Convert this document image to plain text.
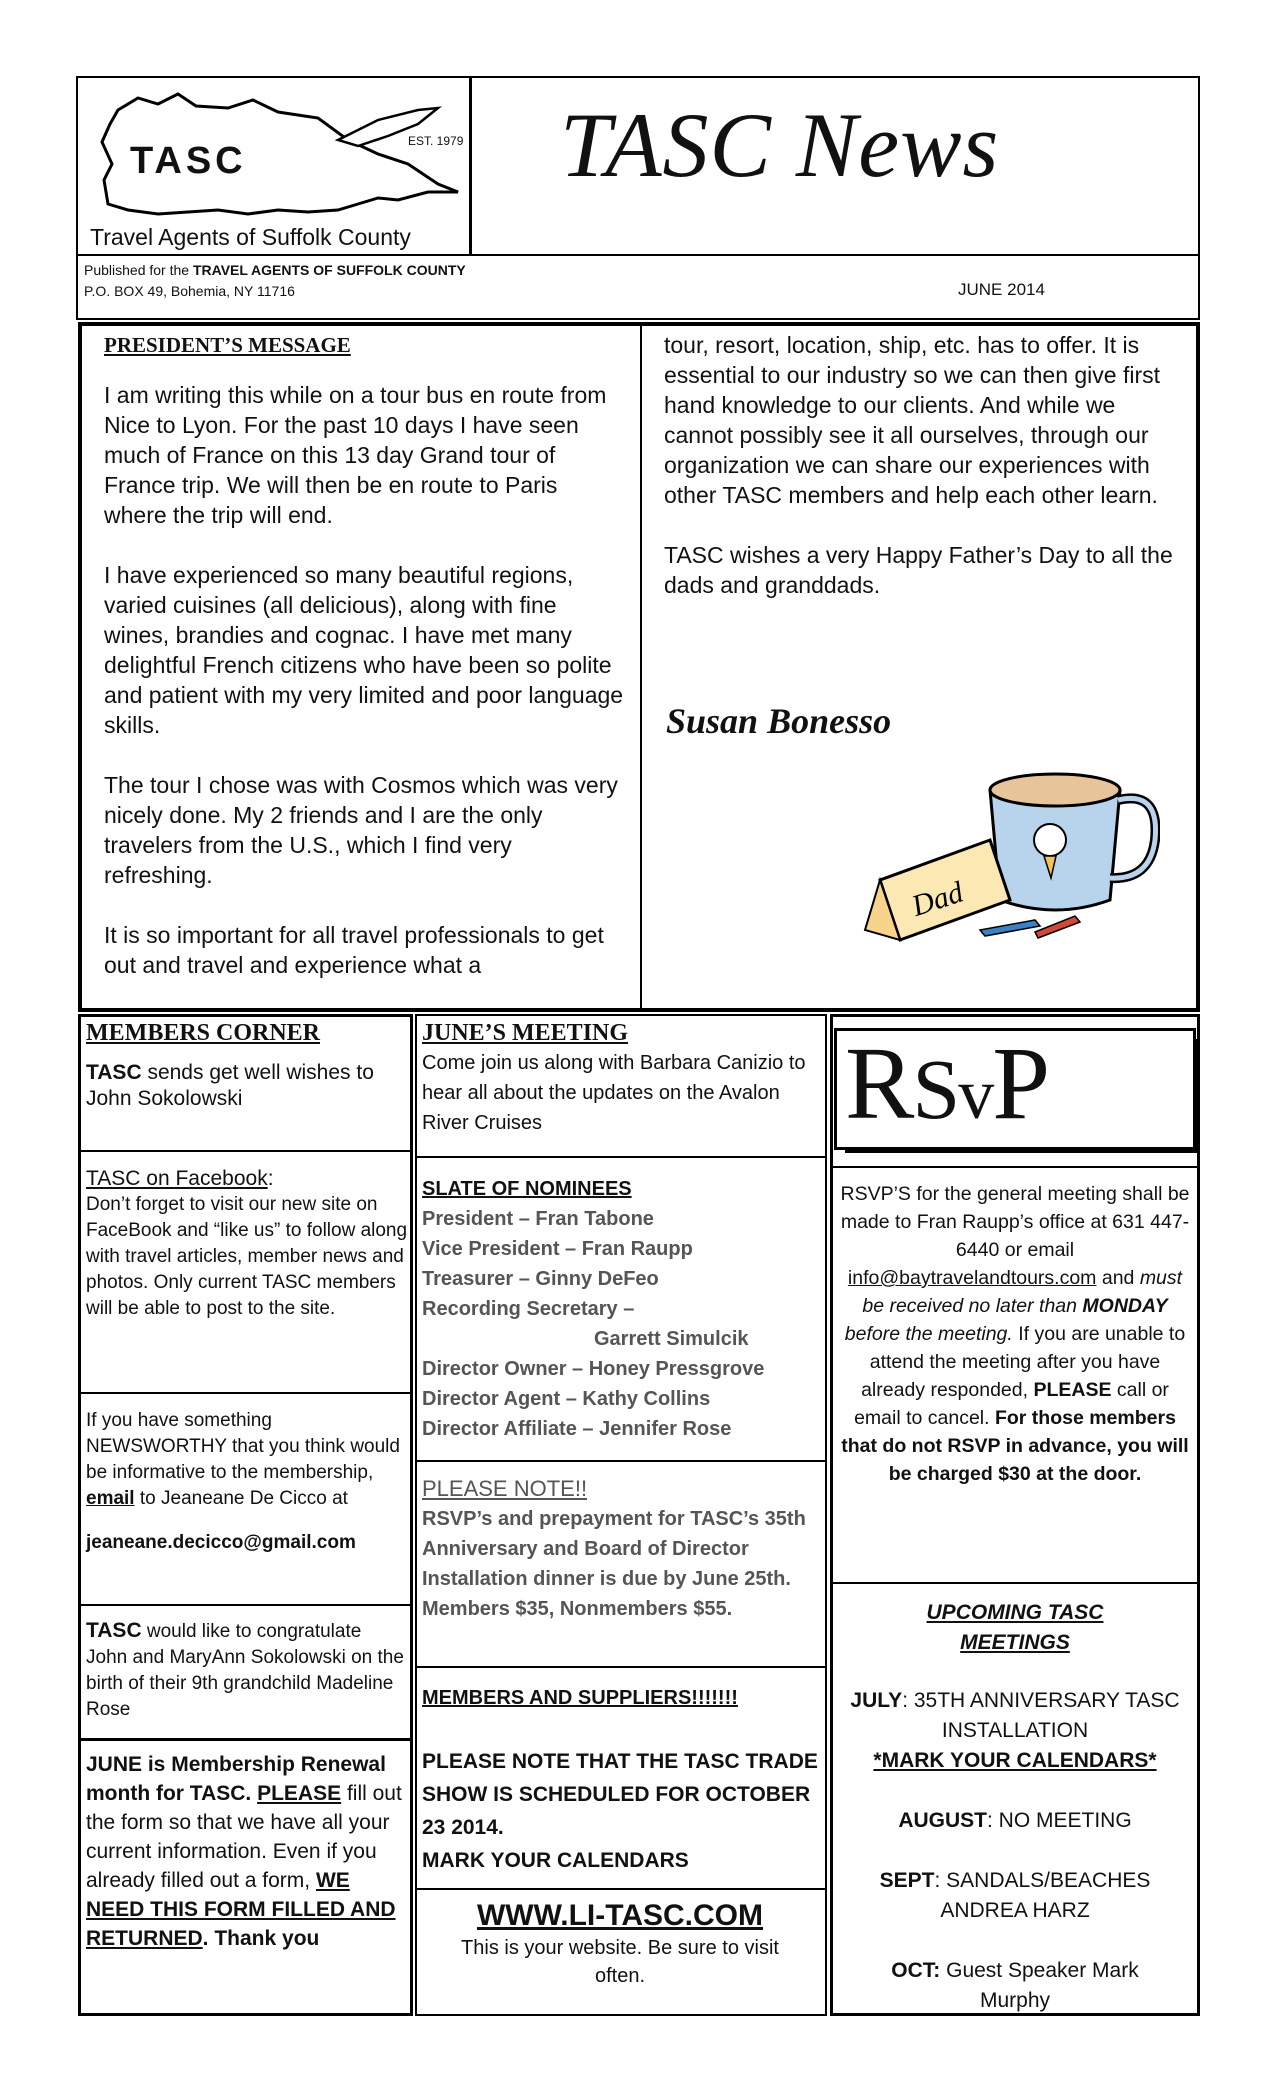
TASC	EST. 1979
Travel Agents of Suffolk County
TASC News
Published for the TRAVEL AGENTS OF SUFFOLK COUNTY
P.O. BOX 49, Bohemia, NY 11716	JUNE 2014

PRESIDENT’S MESSAGE

I am writing this while on a tour bus en route from Nice to Lyon. For the past 10 days I have seen much of France on this 13 day Grand tour of France trip. We will then be en route to Paris where the trip will end.

I have experienced so many beautiful regions, varied cuisines (all delicious), along with fine wines, brandies and cognac. I have met many delightful French citizens who have been so polite and patient with my very limited and poor language skills.

The tour I chose was with Cosmos which was very nicely done. My 2 friends and I are the only travelers from the U.S., which I find very refreshing.

It is so important for all travel professionals to get out and travel and experience what a

tour, resort, location, ship, etc. has to offer. It is essential to our industry so we can then give first hand knowledge to our clients. And while we cannot possibly see it all ourselves, through our organization we can share our experiences with other TASC members and help each other learn.

TASC wishes a very Happy Father’s Day to all the dads and granddads.

Susan Bonesso
Dad
MEMBERS CORNER

TASC sends get well wishes to John Sokolowski

TASC on Facebook:

Don’t forget to visit our new site on FaceBook and “like us” to follow along with travel articles, member news and photos. Only current TASC members will be able to post to the site.

If you have something NEWSWORTHY that you think would be informative to the membership, email to Jeaneane De Cicco at

jeaneane.decicco@gmail.com

TASC would like to congratulate John and MaryAnn Sokolowski on the birth of their 9th grandchild Madeline Rose

JUNE is Membership Renewal month for TASC. PLEASE fill out the form so that we have all your current information. Even if you already filled out a form, WE NEED THIS FORM FILLED AND RETURNED. Thank you

JUNE’S MEETING

Come join us along with Barbara Canizio to hear all about the updates on the Avalon River Cruises

SLATE OF NOMINEES

President – Fran Tabone

Vice President – Fran Raupp

Treasurer – Ginny DeFeo

Recording Secretary –

Garrett Simulcik

Director Owner – Honey Pressgrove

Director Agent – Kathy Collins

Director Affiliate – Jennifer Rose

PLEASE NOTE!!

RSVP’s and prepayment for TASC’s 35th Anniversary and Board of Director Installation dinner is due by June 25th. Members $35, Nonmembers $55.

MEMBERS AND SUPPLIERS!!!!!!!

PLEASE NOTE THAT THE TASC TRADE SHOW IS SCHEDULED FOR OCTOBER 23 2014.

MARK YOUR CALENDARS

WWW.LI-TASC.COM

This is your website. Be sure to visit often.

RSvP
RSVP’S for the general meeting shall be made to Fran Raupp’s office at 631 447-6440 or email info@baytravelandtours.com and must be received no later than MONDAY before the meeting. If you are unable to attend the meeting after you have already responded, PLEASE call or email to cancel. For those members that do not RSVP in advance, you will be charged $30 at the door.

UPCOMING TASC MEETINGS

JULY: 35TH ANNIVERSARY TASC INSTALLATION

*MARK YOUR CALENDARS*

AUGUST: NO MEETING

SEPT: SANDALS/BEACHES ANDREA HARZ

OCT: Guest Speaker Mark Murphy
